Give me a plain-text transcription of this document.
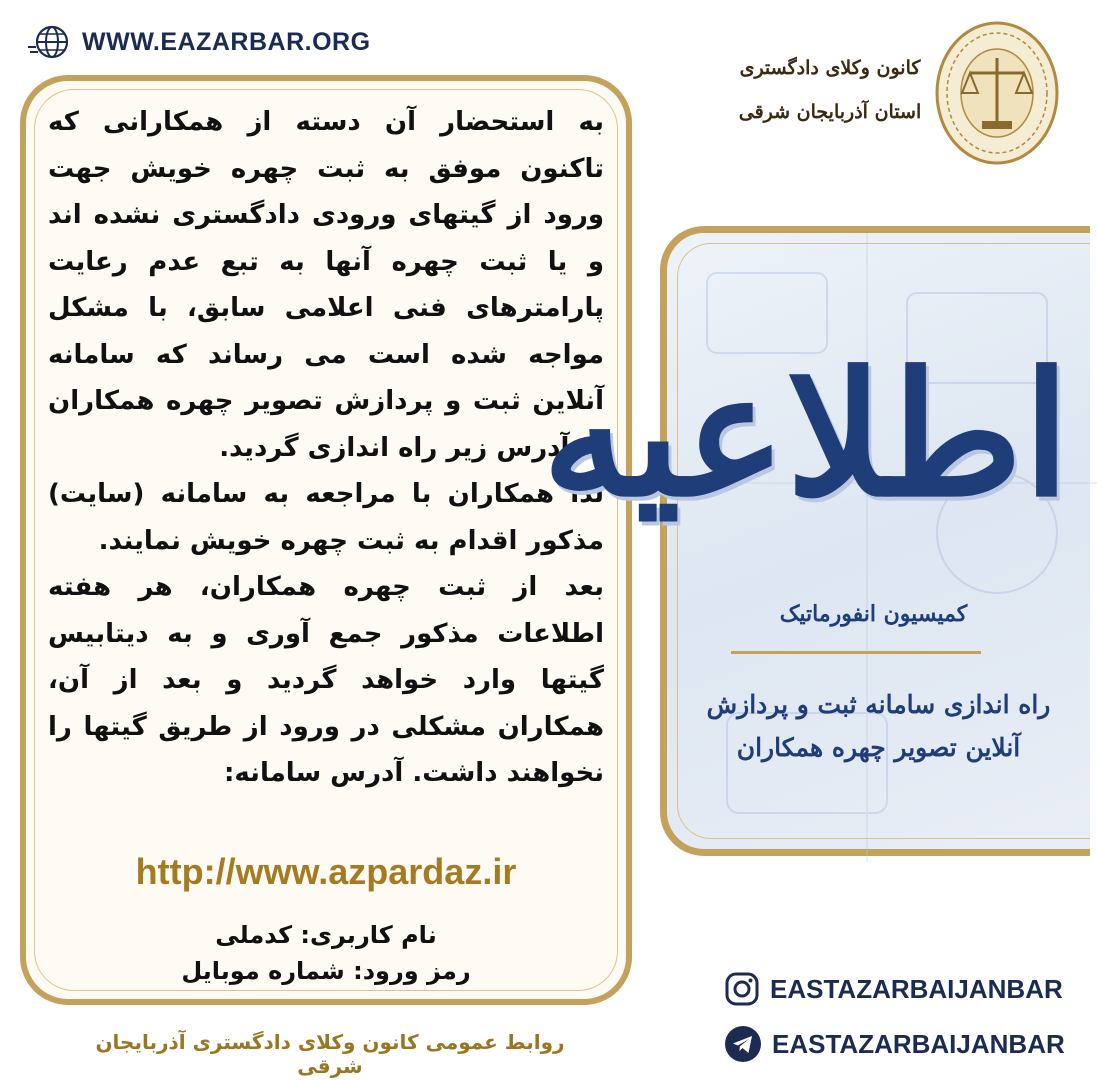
WWW.EAZARBAR.ORG
کانون وکلای دادگستری
استان آذربایجان شرقی

به استحضار آن دسته از همکارانی که تاکنون موفق به ثبت چهره خویش جهت ورود از گیتهای ورودی دادگستری نشده اند و یا ثبت چهره آنها به تبع عدم رعایت پارامترهای فنی اعلامی سابق، با مشکل مواجه شده است می رساند که سامانه آنلاین ثبت و پردازش تصویر چهره همکاران به آدرس زیر راه اندازی گردید.

لذا همکاران با مراجعه به سامانه (سایت) مذکور اقدام به ثبت چهره خویش نمایند.

بعد از ثبت چهره همکاران، هر هفته اطلاعات مذکور جمع آوری و به دیتابیس گیتها وارد خواهد گردید و بعد از آن، همکاران مشکلی در ورود از طریق گیتها را نخواهند داشت. آدرس سامانه:

http://www.azpardaz.ir
نام کاربری: کدملی
رمز ورود: شماره موبایل
اطلاعیه
کمیسیون انفورماتیک
راه اندازی سامانه ثبت و پردازش آنلاین تصویر چهره همکاران
EASTAZARBAIJANBAR
EASTAZARBAIJANBAR
روابط عمومی کانون وکلای دادگستری آذربایجان شرقی
